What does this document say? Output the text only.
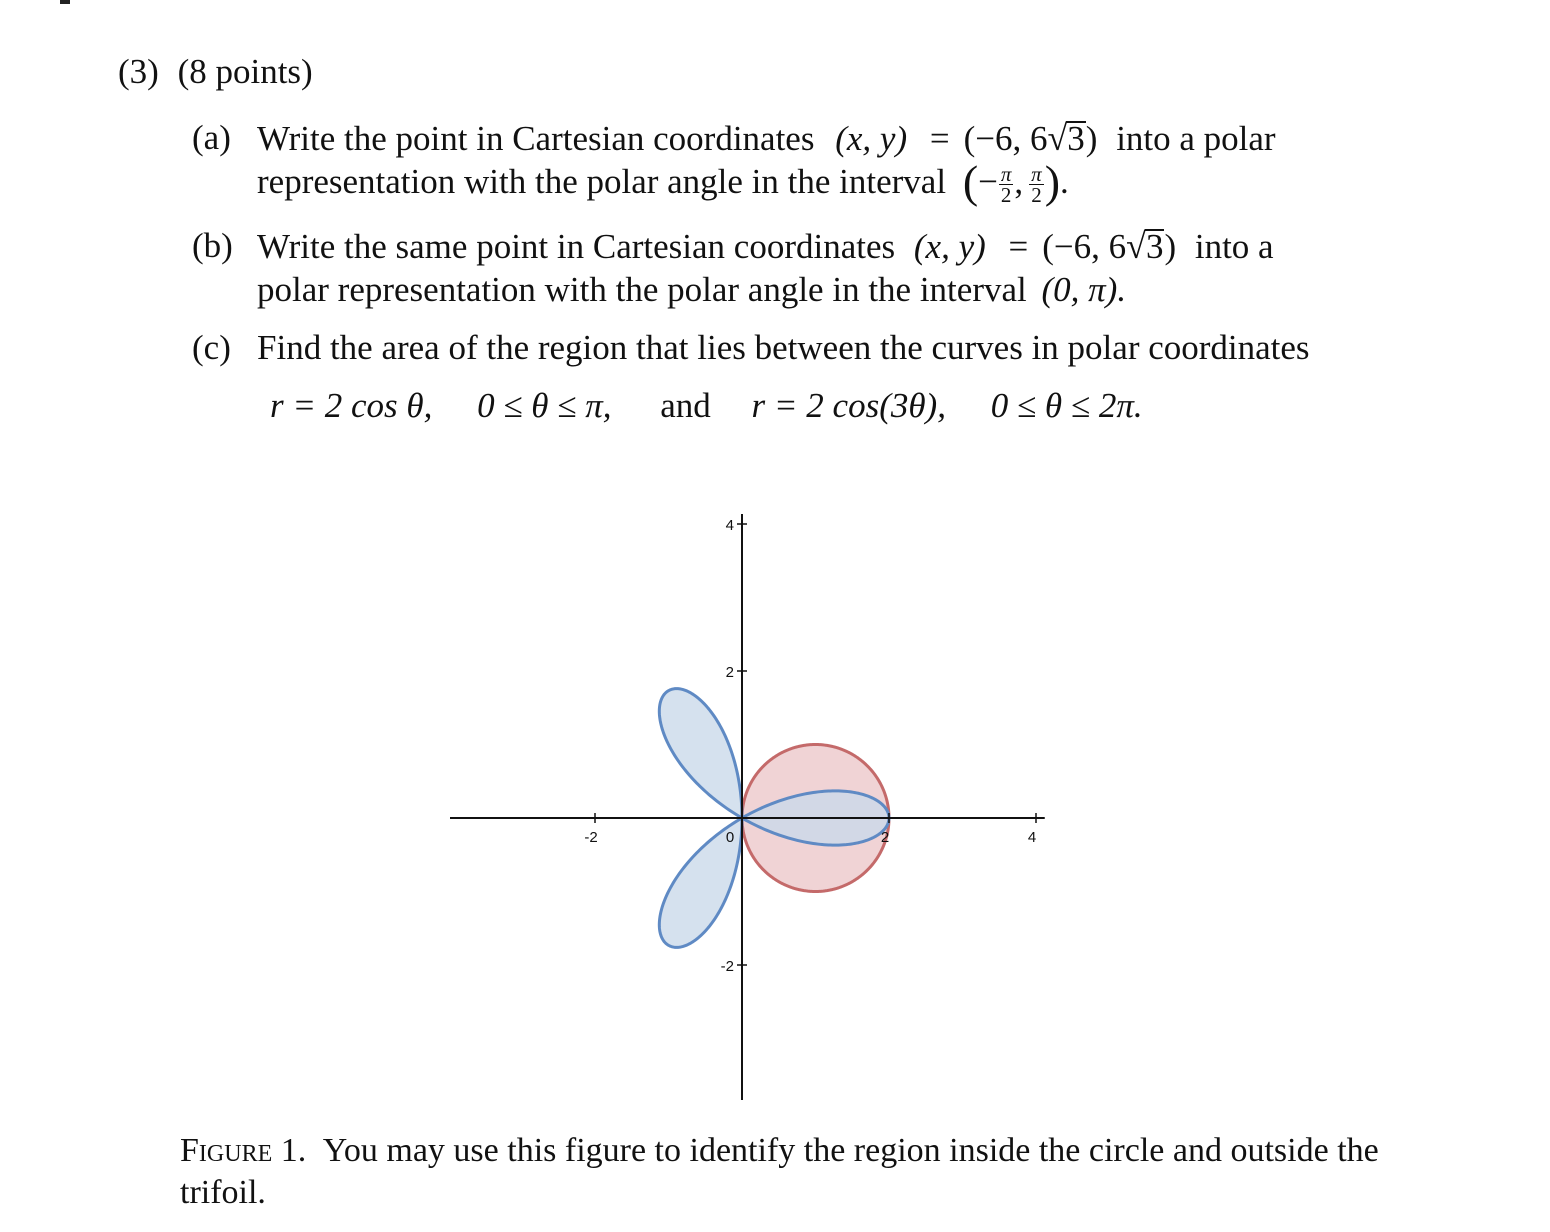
(3) (8 points)
(a) Write the point in Cartesian coordinates (x, y) = (−6, 6√3) into a polar
representation with the polar angle in the interval (− $\frac{\pi}{2}$ , $\frac{\pi}{2}$ ).
(b) Write the same point in Cartesian coordinates (x, y) = (−6, 6√3) into a
polar representation with the polar angle in the interval (0, π).
(c) Find the area of the region that lies between the curves in polar coordinates
r = 2 cos θ, 0 ≤ θ ≤ π, and r = 2 cos(3θ), 0 ≤ θ ≤ 2π.
-2	0	2	4
4
2
-2
Figure 1. You may use this figure to identify the region inside the circle and outside the trifoil.
